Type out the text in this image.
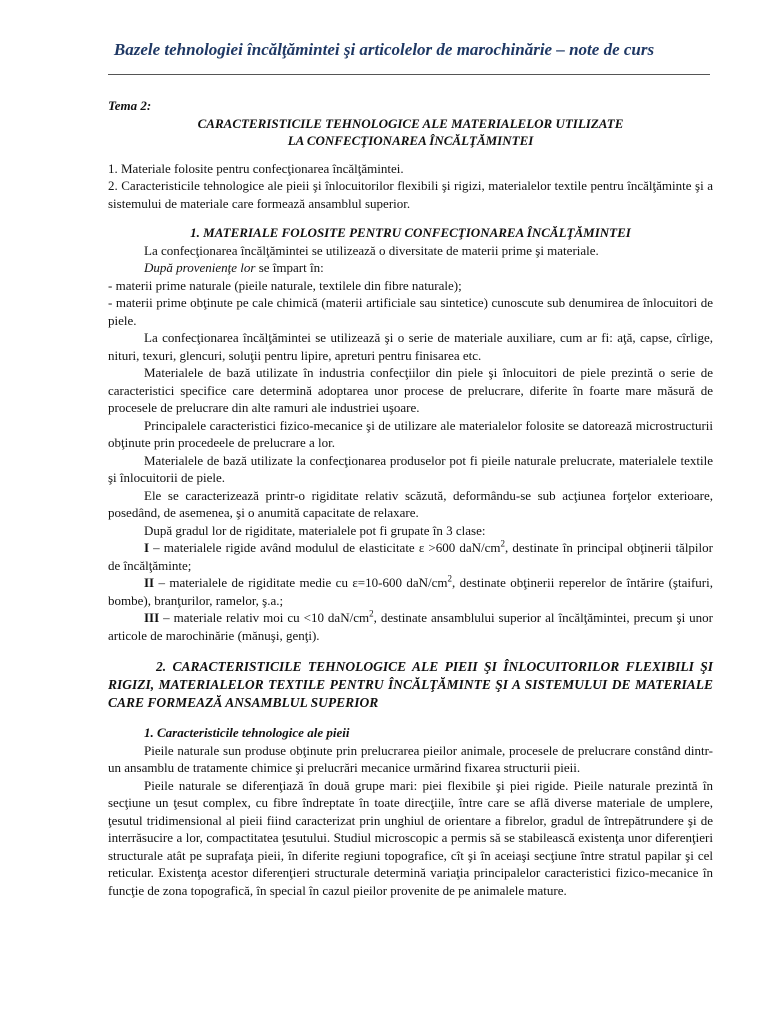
Bazele tehnologiei încălţămintei şi articolelor de marochinărie – note de curs

Tema 2:

CARACTERISTICILE TEHNOLOGICE ALE MATERIALELOR UTILIZATE

LA CONFECŢIONAREA ÎNCĂLŢĂMINTEI

1. Materiale folosite pentru confecţionarea încălţămintei.

2. Caracteristicile tehnologice ale pieii şi înlocuitorilor flexibili şi rigizi, materialelor textile pentru încălţăminte şi a sistemului de materiale care formează ansamblul superior.

1. MATERIALE FOLOSITE PENTRU CONFECŢIONAREA ÎNCĂLŢĂMINTEI

La confecţionarea încălţămintei se utilizează o diversitate de materii prime şi materiale.

După provenienţe lor se împart în:

- materii prime naturale (pieile naturale, textilele din fibre naturale);

- materii prime obţinute pe cale chimică (materii artificiale sau sintetice) cunoscute sub denumirea de înlocuitori de piele.

La confecţionarea încălţămintei se utilizează şi o serie de materiale auxiliare, cum ar fi: aţă, capse, cîrlige, nituri, texuri, glencuri, soluţii pentru lipire, apreturi pentru finisarea etc.

Materialele de bază utilizate în industria confecţiilor din piele şi înlocuitori de piele prezintă o serie de caracteristici specifice care determină adoptarea unor procese de prelucrare, diferite în foarte mare măsură de procesele de prelucrare din alte ramuri ale industriei uşoare.

Principalele caracteristici fizico-mecanice şi de utilizare ale materialelor folosite se datorează microstructurii obţinute prin procedeele de prelucrare a lor.

Materialele de bază utilizate la confecţionarea produselor pot fi pieile naturale prelucrate, materialele textile şi înlocuitorii de piele.

Ele se caracterizează printr-o rigiditate relativ scăzută, deformându-se sub acţiunea forţelor exterioare, posedând, de asemenea, şi o anumită capacitate de relaxare.

După gradul lor de rigiditate, materialele pot fi grupate în 3 clase:

I – materialele rigide având modulul de elasticitate ε >600 daN/$cm^2$, destinate în principal obţinerii tălpilor de încălţăminte;

II – materialele de rigiditate medie cu ε=10-600 daN/$cm^2$, destinate obţinerii reperelor de întărire (ştaifuri, bombe), branţurilor, ramelor, ş.a.;

III – materiale relativ moi cu <10 daN/$cm^2$, destinate ansamblului superior al încălţămintei, precum şi unor articole de marochinărie (mănuşi, genţi).

2. CARACTERISTICILE TEHNOLOGICE ALE PIEII ŞI ÎNLOCUITORILOR FLEXIBILI ŞI RIGIZI, MATERIALELOR TEXTILE PENTRU ÎNCĂLŢĂMINTE ŞI A SISTEMULUI DE MATERIALE CARE FORMEAZĂ ANSAMBLUL SUPERIOR

1. Caracteristicile tehnologice ale pieii

Pieile naturale sun produse obţinute prin prelucrarea pieilor animale, procesele de prelucrare constând dintr-un ansamblu de tratamente chimice şi prelucrări mecanice urmărind fixarea structurii pieii.

Pieile naturale se diferenţiază în două grupe mari: piei flexibile şi piei rigide. Pieile naturale prezintă în secţiune un ţesut complex, cu fibre îndreptate în toate direcţiile, între care se află diverse materiale de umplere, ţesutul tridimensional al pieii fiind caracterizat prin unghiul de orientare a fibrelor, gradul de întrepătrundere şi de interrăsucire a lor, compactitatea ţesutului. Studiul microscopic a permis să se stabilească existenţa unor diferenţieri structurale atât pe suprafaţa pieii, în diferite regiuni topografice, cît şi în aceiaşi secţiune între stratul papilar şi cel reticular. Existenţa acestor diferenţieri structurale determină variaţia principalelor caracteristici fizico-mecanice în funcţie de zona topografică, în special în cazul pieilor provenite de pe animalele mature.
